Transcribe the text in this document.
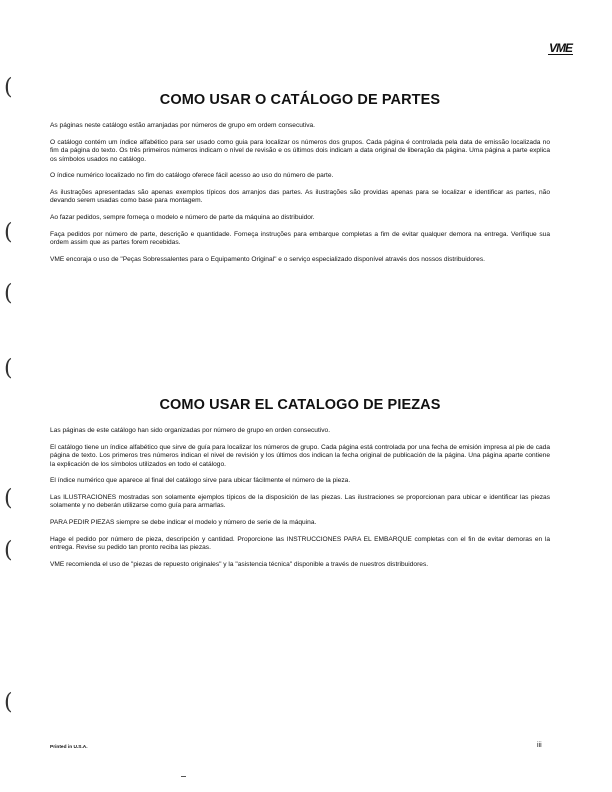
VME
(
(
(
(
(
(
(
COMO USAR O CATÁLOGO DE PARTES

As páginas neste catálogo estão arranjadas por números de grupo em ordem consecutiva.

O catálogo contém um índice alfabético para ser usado como guia para localizar os números dos grupos. Cada página é controlada pela data de emissão localizada no fim da página do texto. Os três primeiros números indicam o nível de revisão e os últimos dois indicam a data original de liberação da página. Uma página a parte explica os símbolos usados no catálogo.

O índice numérico localizado no fim do catálogo oferece fácil acesso ao uso do número de parte.

As ilustrações apresentadas são apenas exemplos típicos dos arranjos das partes. As ilustrações são providas apenas para se localizar e identificar as partes, não devando serem usadas como base para montagem.

Ao fazar pedidos, sempre forneça o modelo e número de parte da máquina ao distribuidor.

Faça pedidos por número de parte, descrição e quantidade. Forneça instruções para embarque completas a fim de evitar qualquer demora na entrega. Verifique sua ordem assim que as partes forem recebidas.

VME encoraja o uso de "Peças Sobressalentes para o Equipamento Original" e o serviço especializado disponível através dos nossos distribuidores.

COMO USAR EL CATALOGO DE PIEZAS

Las páginas de este catálogo han sido organizadas por número de grupo en orden consecutivo.

El catálogo tiene un índice alfabético que sirve de guía para localizar los números de grupo. Cada página está controlada por una fecha de emisión impresa al pie de cada página de texto. Los primeros tres números indican el nivel de revisión y los últimos dos indican la fecha original de publicación de la página. Una página aparte contiene la explicación de los símbolos utilizados en todo el catálogo.

El índice numérico que aparece al final del catálogo sirve para ubicar fácilmente el número de la pieza.

Las ILUSTRACIONES mostradas son solamente ejemplos típicos de la disposición de las piezas. Las ilustraciones se proporcionan para ubicar e identificar las piezas solamente y no deberán utilizarse como guía para armarlas.

PARA PEDIR PIEZAS siempre se debe indicar el modelo y número de serie de la máquina.

Hage el pedido por número de pieza, descripción y cantidad. Proporcione las INSTRUCCIONES PARA EL EMBARQUE completas con el fin de evitar demoras en la entrega. Revise su pedido tan pronto reciba las piezas.

VME recomienda el uso de "piezas de repuesto originales" y la "asistencia técnica" disponible a través de nuestros distribuidores.

Printed in U.S.A.	iii
